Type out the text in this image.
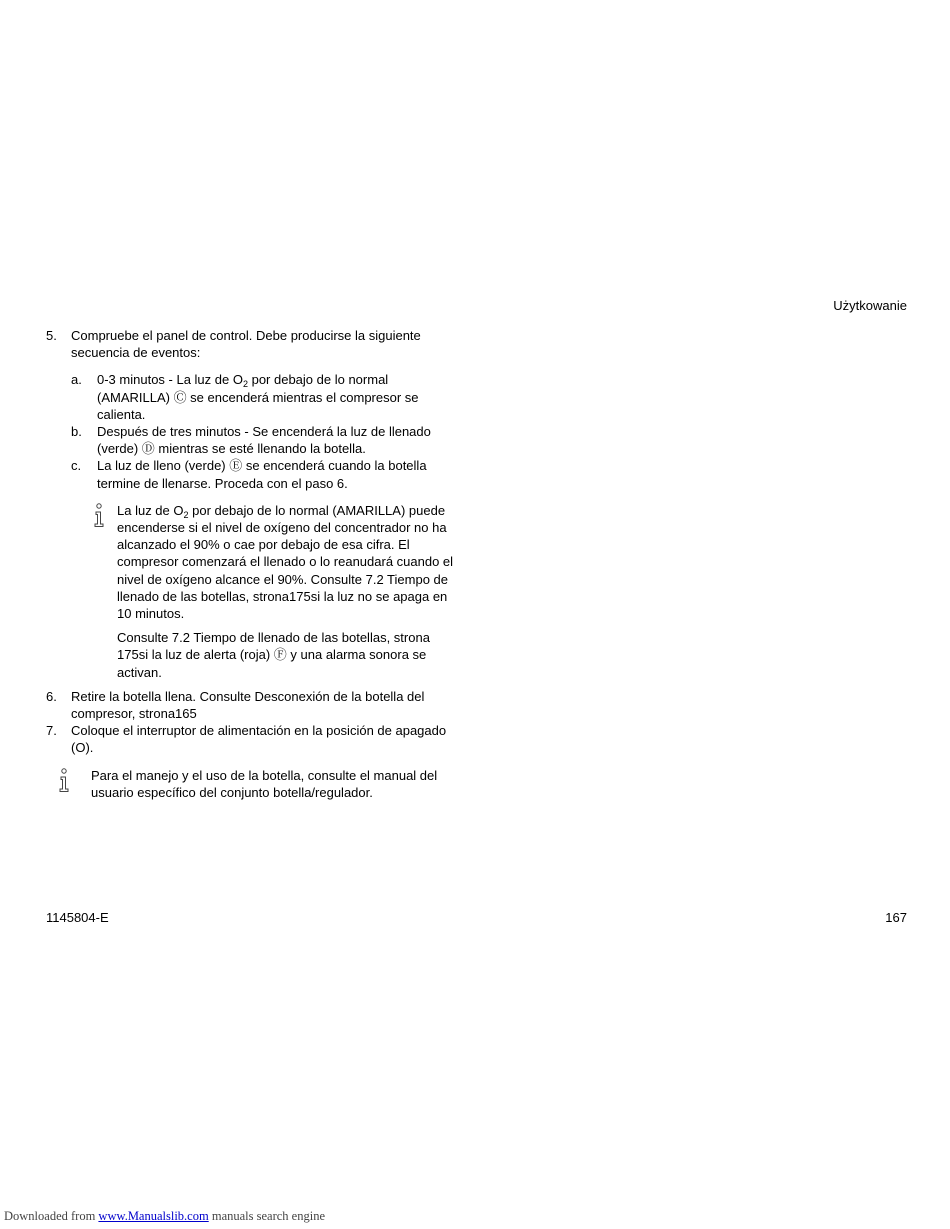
Użytkowanie
5.	Compruebe el panel de control. Debe producirse la siguiente secuencia de eventos:
a.	0-3 minutos - La luz de $O_2$ por debajo de lo normal (AMARILLA) Ⓒ se encenderá mientras el compresor se calienta.
b.	Después de tres minutos - Se encenderá la luz de llenado (verde) Ⓓ mientras se esté llenando la botella.
c.	La luz de lleno (verde) Ⓔ se encenderá cuando la botella termine de llenarse. Proceda con el paso 6.

La luz de $O_2$ por debajo de lo normal (AMARILLA) puede encenderse si el nivel de oxígeno del concentrador no ha alcanzado el 90% o cae por debajo de esa cifra. El compresor comenzará el llenado o lo reanudará cuando el nivel de oxígeno alcance el 90%. Consulte 7.2 Tiempo de llenado de las botellas, strona175si la luz no se apaga en 10 minutos.

Consulte 7.2 Tiempo de llenado de las botellas, strona 175si la luz de alerta (roja) Ⓕ y una alarma sonora se activan.

6.	Retire la botella llena. Consulte Desconexión de la botella del compresor, strona165
7.	Coloque el interruptor de alimentación en la posición de apagado (O).

Para el manejo y el uso de la botella, consulte el manual del usuario específico del conjunto botella/regulador.

1145804-E	167
Downloaded from www.Manualslib.com manuals search engine
